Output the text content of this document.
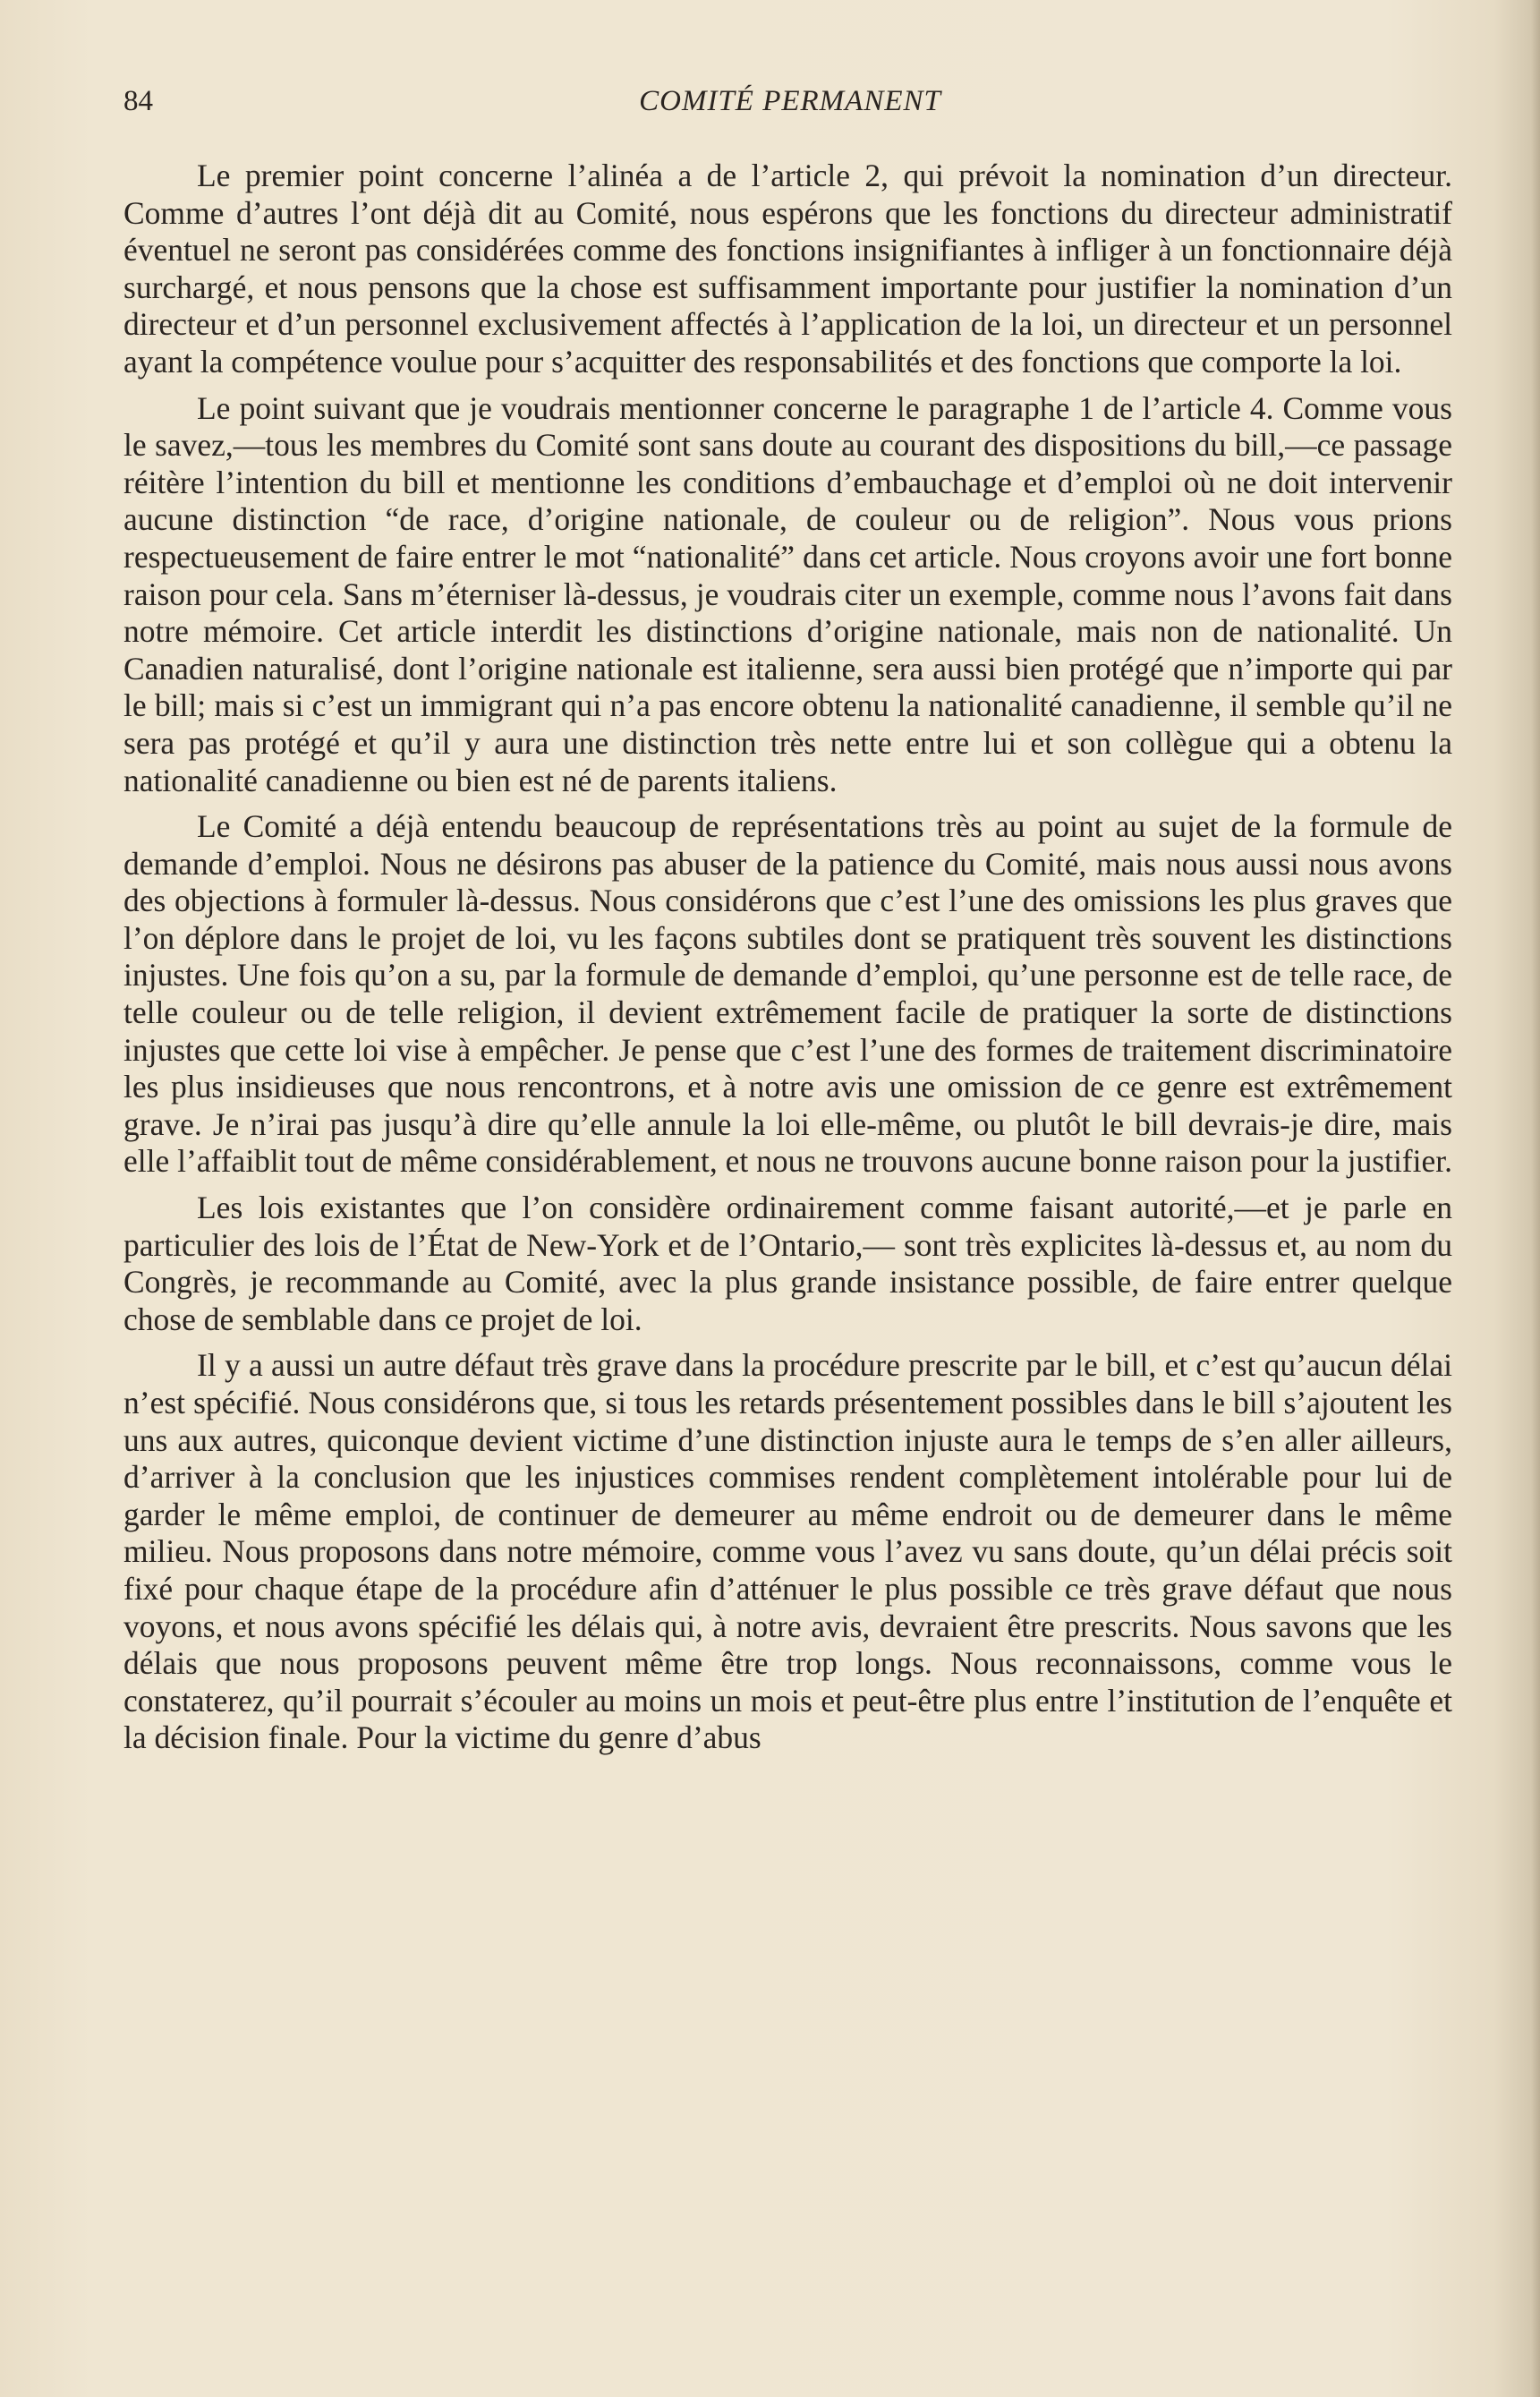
84	COMITÉ PERMANENT

Le premier point concerne l’alinéa a de l’article 2, qui prévoit la nomination d’un directeur. Comme d’autres l’ont déjà dit au Comité, nous espérons que les fonctions du directeur administratif éventuel ne seront pas considérées comme des fonctions insignifiantes à infliger à un fonctionnaire déjà surchargé, et nous pensons que la chose est suffisamment importante pour justifier la nomination d’un directeur et d’un personnel exclusivement affectés à l’application de la loi, un directeur et un personnel ayant la compétence voulue pour s’acquitter des responsabilités et des fonctions que comporte la loi.

Le point suivant que je voudrais mentionner concerne le paragraphe 1 de l’article 4. Comme vous le savez,—tous les membres du Comité sont sans doute au courant des dispositions du bill,—ce passage réitère l’intention du bill et mentionne les conditions d’embauchage et d’emploi où ne doit intervenir aucune distinction “de race, d’origine nationale, de couleur ou de religion”. Nous vous prions respectueusement de faire entrer le mot “nationalité” dans cet article. Nous croyons avoir une fort bonne raison pour cela. Sans m’éterniser là-dessus, je voudrais citer un exemple, comme nous l’avons fait dans notre mémoire. Cet article interdit les distinctions d’origine nationale, mais non de nationalité. Un Canadien naturalisé, dont l’origine nationale est italienne, sera aussi bien protégé que n’importe qui par le bill; mais si c’est un immigrant qui n’a pas encore obtenu la nationalité canadienne, il semble qu’il ne sera pas protégé et qu’il y aura une distinction très nette entre lui et son collègue qui a obtenu la nationalité canadienne ou bien est né de parents italiens.

Le Comité a déjà entendu beaucoup de représentations très au point au sujet de la formule de demande d’emploi. Nous ne désirons pas abuser de la patience du Comité, mais nous aussi nous avons des objections à formuler là-dessus. Nous considérons que c’est l’une des omissions les plus graves que l’on déplore dans le projet de loi, vu les façons subtiles dont se pratiquent très souvent les distinctions injustes. Une fois qu’on a su, par la formule de demande d’emploi, qu’une personne est de telle race, de telle couleur ou de telle religion, il devient extrêmement facile de pratiquer la sorte de distinctions injustes que cette loi vise à empêcher. Je pense que c’est l’une des formes de traitement discriminatoire les plus insidieuses que nous rencontrons, et à notre avis une omission de ce genre est extrêmement grave. Je n’irai pas jusqu’à dire qu’elle annule la loi elle-même, ou plutôt le bill devrais-je dire, mais elle l’affaiblit tout de même considérablement, et nous ne trouvons aucune bonne raison pour la justifier.

Les lois existantes que l’on considère ordinairement comme faisant autorité,—et je parle en particulier des lois de l’État de New-York et de l’Ontario,— sont très explicites là-dessus et, au nom du Congrès, je recommande au Comité, avec la plus grande insistance possible, de faire entrer quelque chose de semblable dans ce projet de loi.

Il y a aussi un autre défaut très grave dans la procédure prescrite par le bill, et c’est qu’aucun délai n’est spécifié. Nous considérons que, si tous les retards présentement possibles dans le bill s’ajoutent les uns aux autres, quiconque devient victime d’une distinction injuste aura le temps de s’en aller ailleurs, d’arriver à la conclusion que les injustices commises rendent complètement intolérable pour lui de garder le même emploi, de continuer de demeurer au même endroit ou de demeurer dans le même milieu. Nous proposons dans notre mémoire, comme vous l’avez vu sans doute, qu’un délai précis soit fixé pour chaque étape de la procédure afin d’atténuer le plus possible ce très grave défaut que nous voyons, et nous avons spécifié les délais qui, à notre avis, devraient être prescrits. Nous savons que les délais que nous proposons peuvent même être trop longs. Nous reconnaissons, comme vous le constaterez, qu’il pourrait s’écouler au moins un mois et peut-être plus entre l’institution de l’enquête et la décision finale. Pour la victime du genre d’abus
